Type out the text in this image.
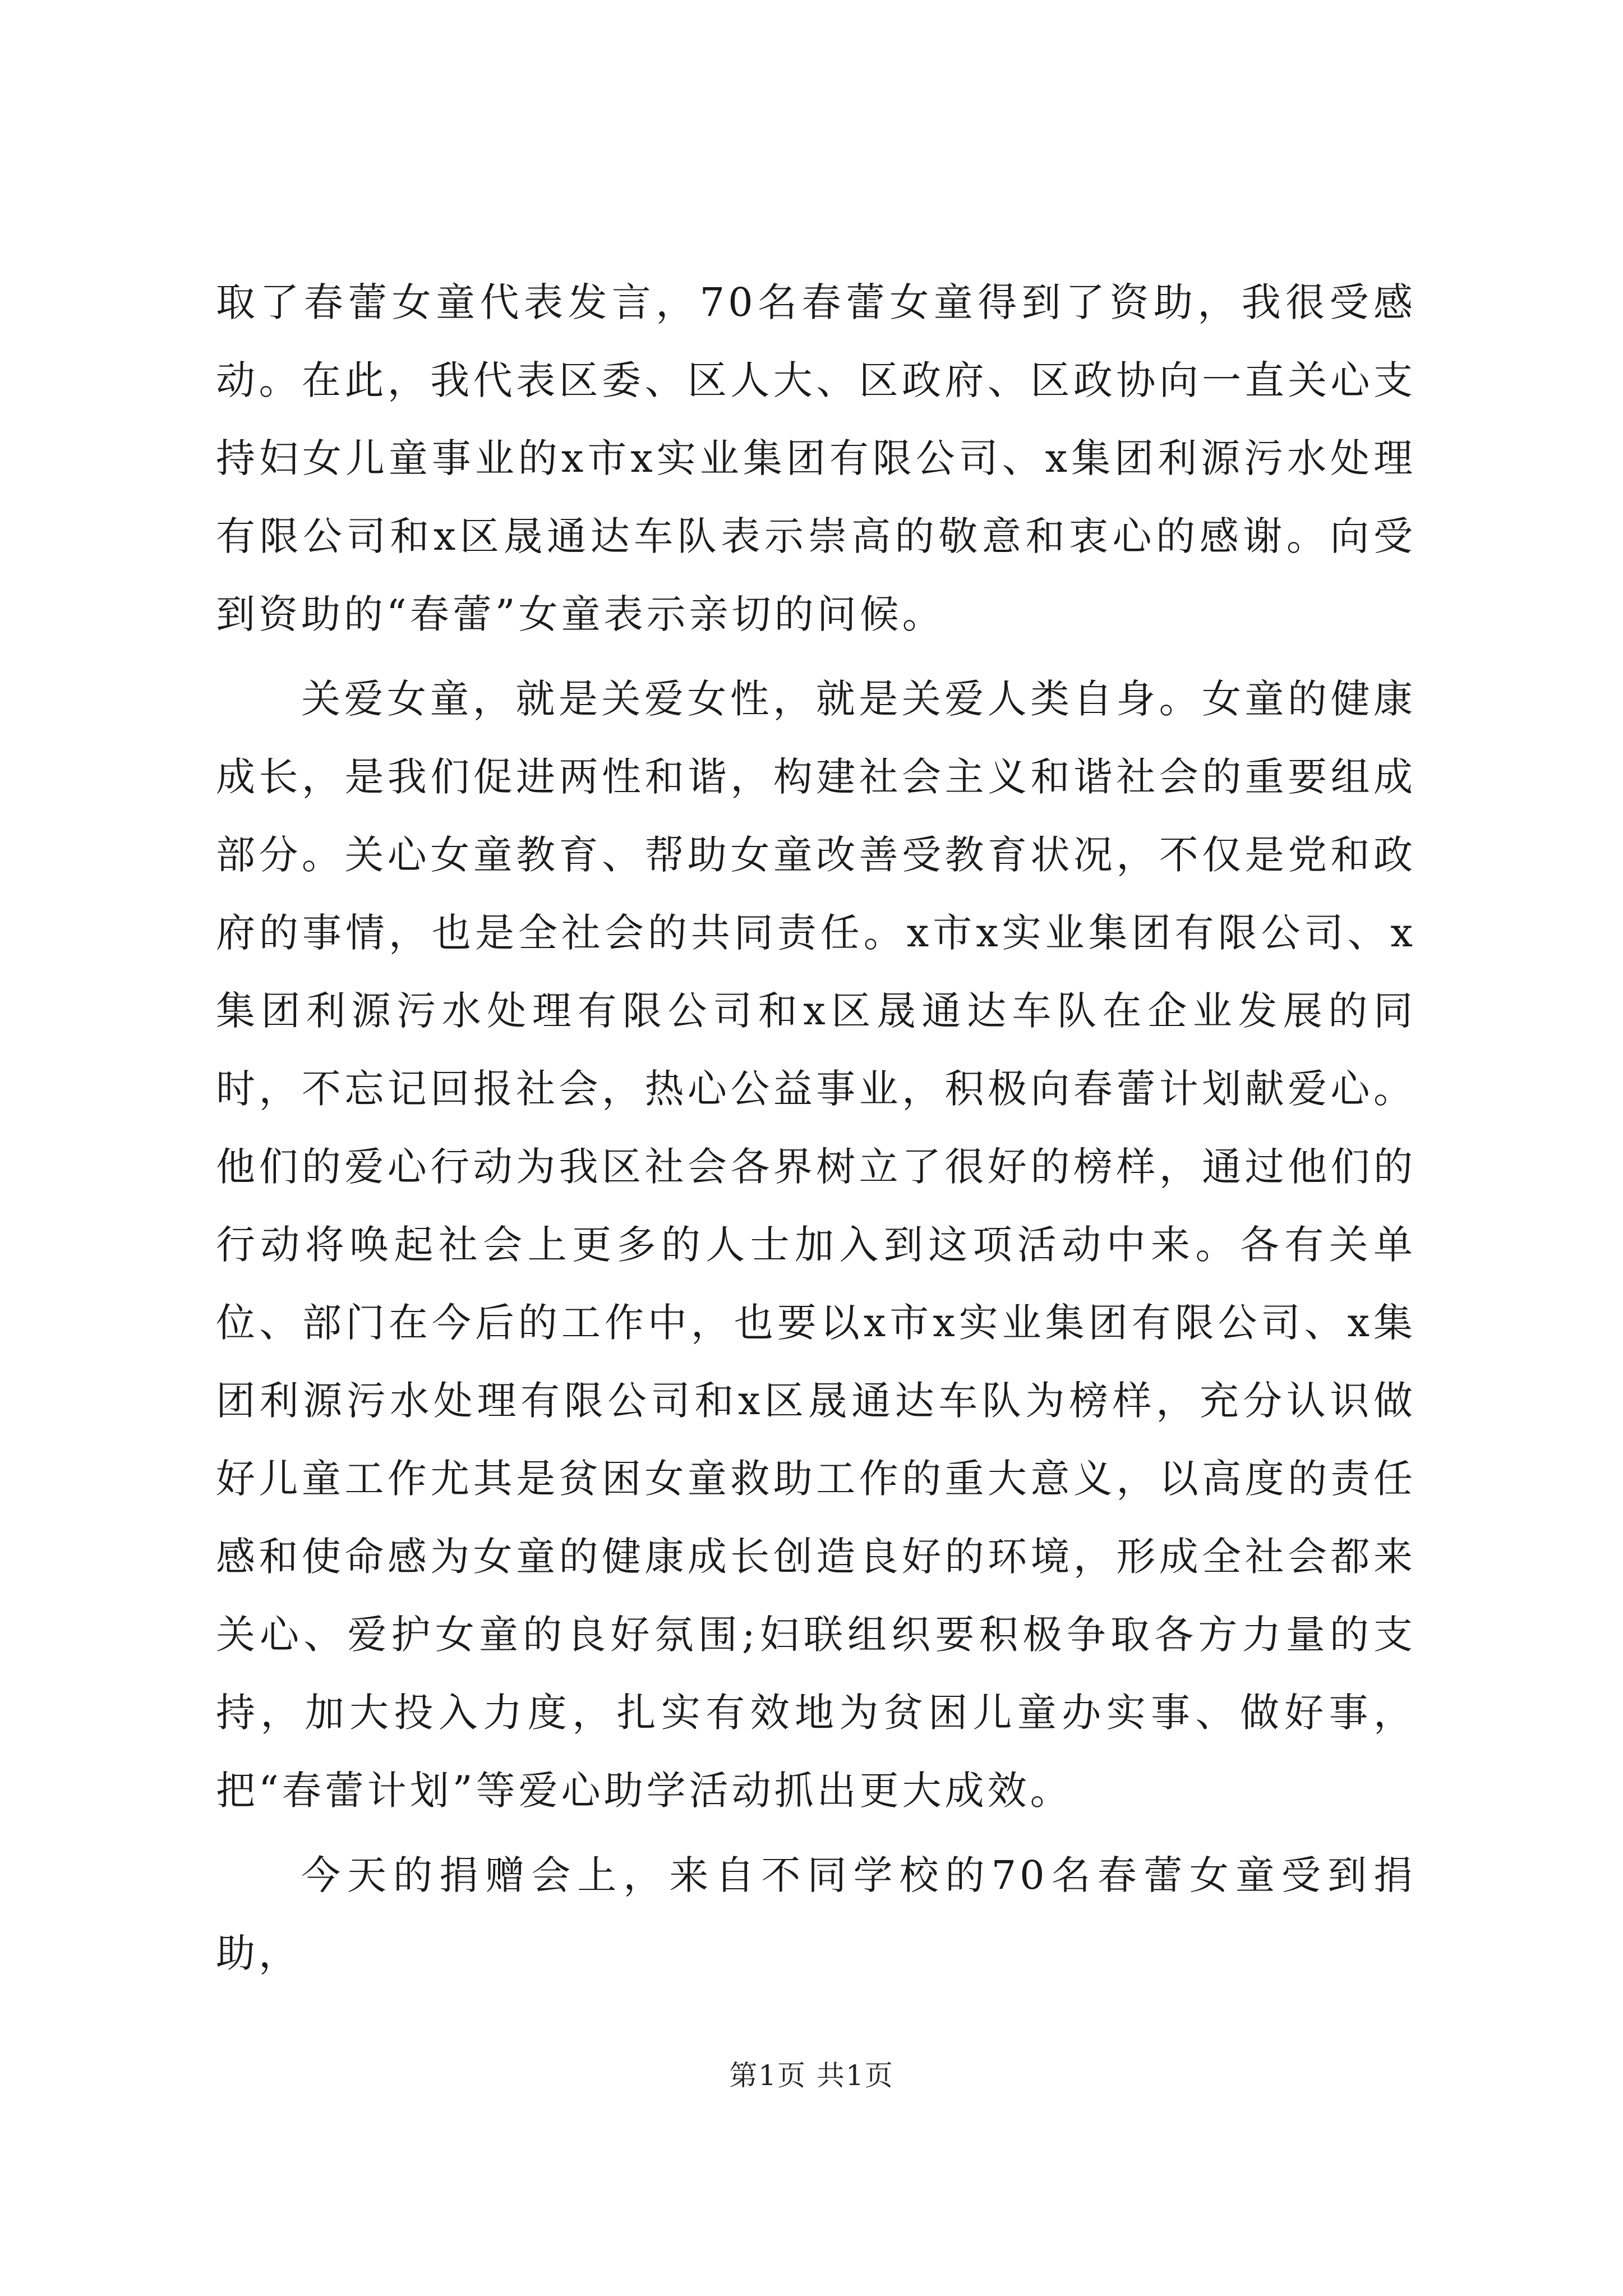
取了春蕾女童代表发言，70名春蕾女童得到了资助，我很受感动。在此，我代表区委、区人大、区政府、区政协向一直关心支持妇女儿童事业的x市x实业集团有限公司、x集团利源污水处理有限公司和x区晟通达车队表示崇高的敬意和衷心的感谢。向受到资助的“春蕾”女童表示亲切的问候。

关爱女童，就是关爱女性，就是关爱人类自身。女童的健康成长，是我们促进两性和谐，构建社会主义和谐社会的重要组成部分。关心女童教育、帮助女童改善受教育状况，不仅是党和政府的事情，也是全社会的共同责任。x市x实业集团有限公司、x集团利源污水处理有限公司和x区晟通达车队在企业发展的同时，不忘记回报社会，热心公益事业，积极向春蕾计划献爱心。他们的爱心行动为我区社会各界树立了很好的榜样，通过他们的行动将唤起社会上更多的人士加入到这项活动中来。各有关单位、部门在今后的工作中，也要以x市x实业集团有限公司、x集团利源污水处理有限公司和x区晟通达车队为榜样，充分认识做好儿童工作尤其是贫困女童救助工作的重大意义，以高度的责任感和使命感为女童的健康成长创造良好的环境，形成全社会都来关心、爱护女童的良好氛围;妇联组织要积极争取各方力量的支持，加大投入力度，扎实有效地为贫困儿童办实事、做好事，把“春蕾计划”等爱心助学活动抓出更大成效。

今天的捐赠会上，来自不同学校的70名春蕾女童受到捐助，

第1页 共1页
